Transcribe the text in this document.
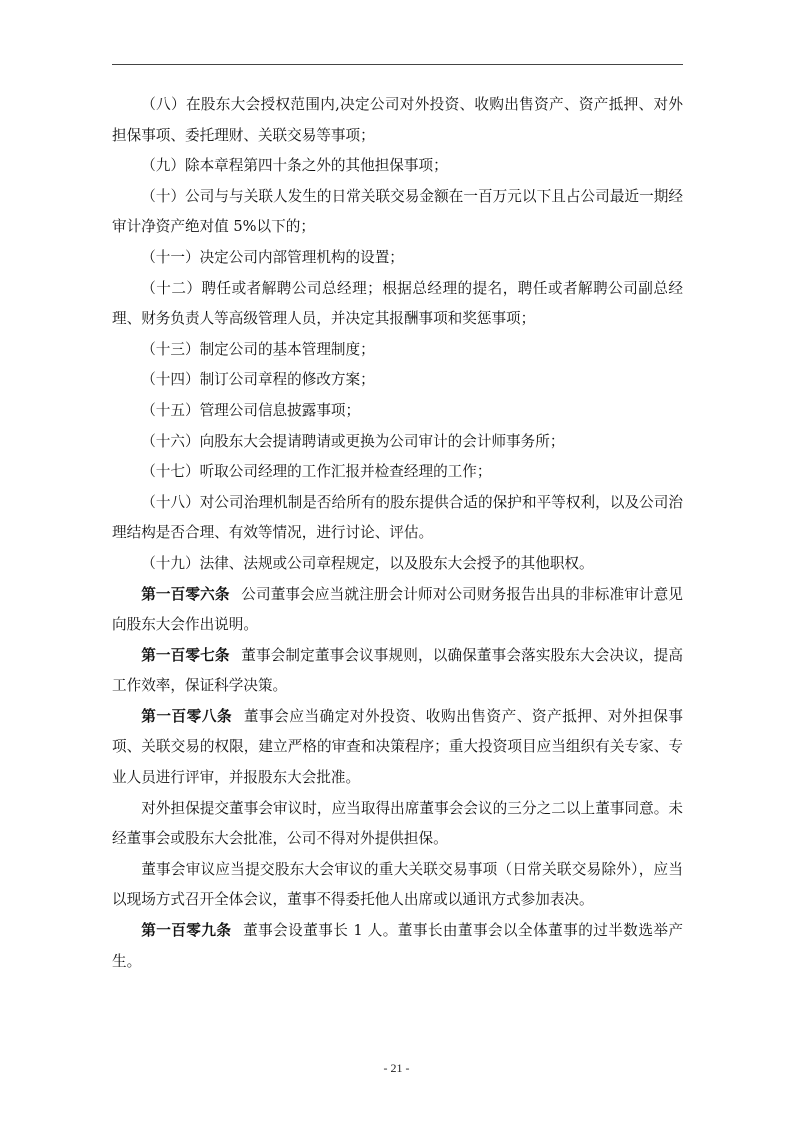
（八）在股东大会授权范围内,决定公司对外投资、收购出售资产、资产抵押、对外担保事项、委托理财、关联交易等事项；

（九）除本章程第四十条之外的其他担保事项；

（十）公司与与关联人发生的日常关联交易金额在一百万元以下且占公司最近一期经审计净资产绝对值 5%以下的；

（十一）决定公司内部管理机构的设置；

（十二）聘任或者解聘公司总经理；根据总经理的提名，聘任或者解聘公司副总经理、财务负责人等高级管理人员，并决定其报酬事项和奖惩事项；

（十三）制定公司的基本管理制度；

（十四）制订公司章程的修改方案；

（十五）管理公司信息披露事项；

（十六）向股东大会提请聘请或更换为公司审计的会计师事务所；

（十七）听取公司经理的工作汇报并检查经理的工作；

（十八）对公司治理机制是否给所有的股东提供合适的保护和平等权利，以及公司治理结构是否合理、有效等情况，进行讨论、评估。

（十九）法律、法规或公司章程规定，以及股东大会授予的其他职权。

第一百零六条 公司董事会应当就注册会计师对公司财务报告出具的非标准审计意见向股东大会作出说明。

第一百零七条 董事会制定董事会议事规则，以确保董事会落实股东大会决议，提高工作效率，保证科学决策。

第一百零八条 董事会应当确定对外投资、收购出售资产、资产抵押、对外担保事项、关联交易的权限，建立严格的审查和决策程序；重大投资项目应当组织有关专家、专业人员进行评审，并报股东大会批准。

对外担保提交董事会审议时，应当取得出席董事会会议的三分之二以上董事同意。未经董事会或股东大会批准，公司不得对外提供担保。

董事会审议应当提交股东大会审议的重大关联交易事项（日常关联交易除外），应当以现场方式召开全体会议，董事不得委托他人出席或以通讯方式参加表决。

第一百零九条 董事会设董事长 1 人。董事长由董事会以全体董事的过半数选举产生。

- 21 -
